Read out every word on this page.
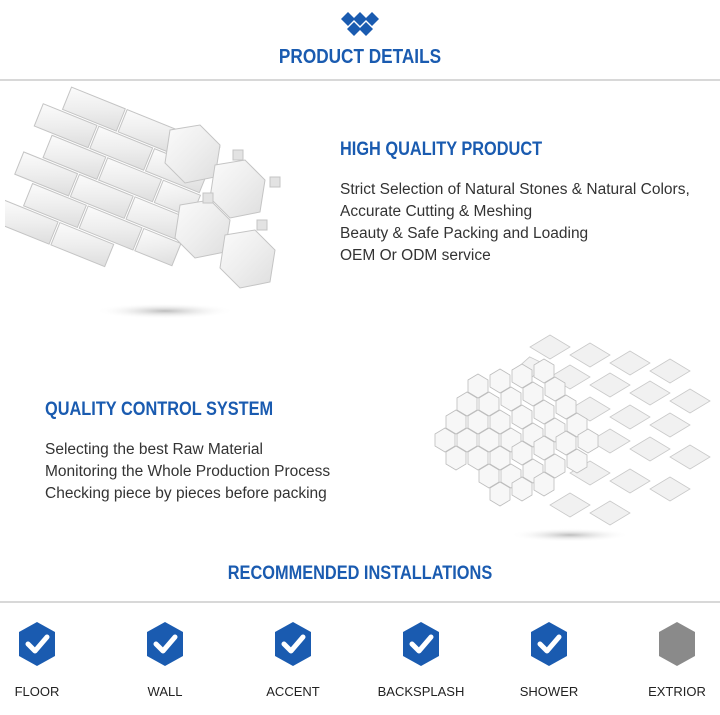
PRODUCT DETAILS
HIGH QUALITY PRODUCT
Strict Selection of Natural Stones & Natural Colors,
Accurate Cutting & Meshing
Beauty & Safe Packing and Loading
OEM Or ODM service
QUALITY CONTROL SYSTEM
Selecting the best Raw Material
Monitoring the Whole Production Process
Checking piece by pieces before packing
RECOMMENDED INSTALLATIONS
FLOOR	WALL	ACCENT	BACKSPLASH	SHOWER	EXTRIOR
